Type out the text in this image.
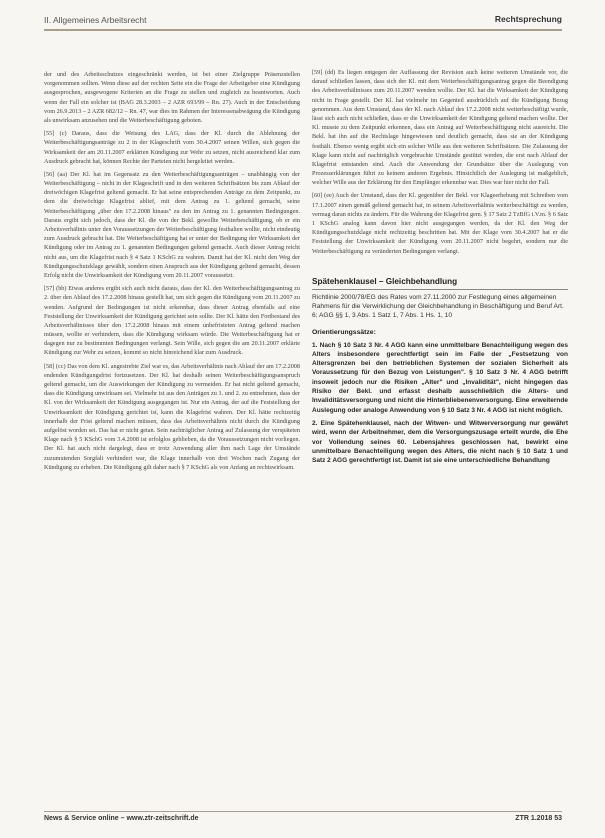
II. Allgemeines Arbeitsrecht	Rechtsprechung

der und des Arbeitsschutzes eingeschränkt werden, ist bei einer Zielgruppe Präsenzstellen vorgenommen sollten. Wenn diese auf der rechten Seite ein die Frage der Arbeitgeber eine Kündigung ausgesprochen, ausgewogene Kriterien an die Frage zu stellen und zugleich zu beantworten. Auch wenn der Fall ein solcher ist (BAG 28.3.2003 – 2 AZR 693/99 – Rn. 27). Auch in der Entscheidung vom 26.9.2013 – 2 AZR 682/12 – Rn. 47, war dies im Rahmen der Interessenabwägung die Kündigung als unwirksam anzusehen und die Weiterbeschäftigung geboten.

[55] (c) Daraus, dass die Weisung des LAG, dass der Kl. durch die Ablehnung der Weiterbeschäftigungsanträge zu 2 in der Klageschrift vom 30.4.2007 seinen Willen, sich gegen die Wirksamkeit der am 20.11.2007 erklärten Kündigung zur Wehr zu setzen, nicht ausreichend klar zum Ausdruck gebracht hat, können Rechte der Parteien nicht hergeleitet werden.

[56] (aa) Der Kl. hat im Gegensatz zu den Weiterbeschäftigungsanträgen – unabhängig von der Weiterbeschäftigung – nicht in der Klageschrift und in den weiteren Schriftsätzen bis zum Ablauf der dreiwöchigen Klagefrist geltend gemacht. Er hat seine entsprechenden Anträge zu dem Zeitpunkt, zu dem die dreiwöchige Klagefrist ablief, mit dem Antrag zu 1. geltend gemacht, seine Weiterbeschäftigung „über den 17.2.2008 hinaus" zu den im Antrag zu 1. genannten Bedingungen. Daraus ergibt sich jedoch, dass der Kl. die von der Bekl. gewollte Weiterbeschäftigung, ob er ein Arbeitsverhältnis unter den Voraussetzungen der Weiterbeschäftigung festhalten wollte, nicht eindeutig zum Ausdruck gebracht hat. Die Weiterbeschäftigung hat er unter der Bedingung der Wirksamkeit der Kündigung oder im Antrag zu 1. genannten Bedingungen geltend gemacht. Auch dieser Antrag reicht nicht aus, um die Klagefrist nach § 4 Satz 1 KSchG zu wahren. Damit hat der Kl. nicht den Weg der Kündigungsschutzklage gewählt, sondern einen Anspruch aus der Kündigung geltend gemacht, dessen Erfolg nicht die Unwirksamkeit der Kündigung vom 20.11.2007 voraussetzt.

[57] (bb) Etwas anderes ergibt sich auch nicht daraus, dass der Kl. den Weiterbeschäftigungsantrag zu 2. über den Ablauf des 17.2.2008 hinaus gestellt hat, um sich gegen die Kündigung vom 20.11.2007 zu wenden. Aufgrund der Bedingungen ist nicht erkennbar, dass dieser Antrag ebenfalls auf eine Feststellung der Unwirksamkeit der Kündigung gerichtet sein sollte. Der Kl. hätte den Fortbestand des Arbeitsverhältnisses über den 17.2.2008 hinaus mit einem unbefristeten Antrag geltend machen müssen, wollte er verhindern, dass die Kündigung wirksam würde. Die Weiterbeschäftigung hat er dagegen nur zu bestimmten Bedingungen verlangt. Sein Wille, sich gegen die am 20.11.2007 erklärte Kündigung zur Wehr zu setzen, kommt so nicht hinreichend klar zum Ausdruck.

[58] (cc) Das von dem Kl. angestrebte Ziel war es, das Arbeitsverhältnis nach Ablauf der am 17.2.2008 endenden Kündigungsfrist fortzusetzen. Der Kl. hat deshalb seinen Weiterbeschäftigungsanspruch geltend gemacht, um die Auswirkungen der Kündigung zu vermeiden. Er hat nicht geltend gemacht, dass die Kündigung unwirksam sei. Vielmehr ist aus den Anträgen zu 1. und 2. zu entnehmen, dass der Kl. von der Wirksamkeit der Kündigung ausgegangen ist. Nur ein Antrag, der auf die Feststellung der Unwirksamkeit der Kündigung gerichtet ist, kann die Klagefrist wahren. Der Kl. hätte rechtzeitig innerhalb der Frist geltend machen müssen, dass das Arbeitsverhältnis nicht durch die Kündigung aufgelöst worden sei. Das hat er nicht getan. Sein nachträglicher Antrag auf Zulassung der verspäteten Klage nach § 5 KSchG vom 3.4.2008 ist erfolglos geblieben, da die Voraussetzungen nicht vorliegen. Der Kl. hat auch nicht dargelegt, dass er trotz Anwendung aller ihm nach Lage der Umstände zuzumutenden Sorgfalt verhindert war, die Klage innerhalb von drei Wochen nach Zugang der Kündigung zu erheben. Die Kündigung gilt daher nach § 7 KSchG als von Anfang an rechtswirksam.

[59] (dd) Es liegen entgegen der Auffassung der Revision auch keine weiteren Umstände vor, die darauf schließen lassen, dass sich der Kl. mit dem Weiterbeschäftigungsantrag gegen die Beendigung des Arbeitsverhältnisses zum 20.11.2007 wenden wollte. Der Kl. hat die Wirksamkeit der Kündigung nicht in Frage gestellt. Der Kl. hat vielmehr im Gegenteil ausdrücklich auf die Kündigung Bezug genommen. Aus dem Umstand, dass der Kl. nach Ablauf des 17.2.2008 nicht weiterbeschäftigt wurde, lässt sich auch nicht schließen, dass er die Unwirksamkeit der Kündigung geltend machen wollte. Der Kl. musste zu dem Zeitpunkt erkennen, dass ein Antrag auf Weiterbeschäftigung nicht ausreicht. Die Bekl. hat ihn auf die Rechtslage hingewiesen und deutlich gemacht, dass sie an der Kündigung festhält. Ebenso wenig ergibt sich ein solcher Wille aus den weiteren Schriftsätzen. Die Zulassung der Klage kann nicht auf nachträglich vorgebrachte Umstände gestützt werden, die erst nach Ablauf der Klagefrist entstanden sind. Auch die Anwendung der Grundsätze über die Auslegung von Prozesserklärungen führt zu keinem anderen Ergebnis. Hinsichtlich der Auslegung ist maßgeblich, welcher Wille aus der Erklärung für den Empfänger erkennbar war. Dies war hier nicht der Fall.

[60] (ee) Auch der Umstand, dass der Kl. gegenüber der Bekl. vor Klageerhebung mit Schreiben vom 17.1.2007 einen gemäß geltend gemacht hat, in seinem Arbeitsverhältnis weiterbeschäftigt zu werden, vermag daran nichts zu ändern. Für die Wahrung der Klagefrist gem. § 17 Satz 2 TzBfG i.V.m. § 6 Satz 1 KSchG analog kann davon hier nicht ausgegangen werden, da der Kl. den Weg der Kündigungsschutzklage nicht rechtzeitig beschritten hat. Mit der Klage vom 30.4.2007 hat er die Feststellung der Unwirksamkeit der Kündigung vom 20.11.2007 nicht begehrt, sondern nur die Weiterbeschäftigung zu veränderten Bedingungen verlangt.

Spätehenklausel – Gleichbehandlung
Richtlinie 2000/78/EG des Rates vom 27.11.2000 zur Festlegung eines allgemeinen Rahmens für die Verwirklichung der Gleichbehandlung in Beschäftigung und Beruf Art. 6; AGG §§ 1, 3 Abs. 1 Satz 1, 7 Abs. 1 Hs. 1, 10
Orientierungssätze:

1. Nach § 10 Satz 3 Nr. 4 AGG kann eine unmittelbare Benachteiligung wegen des Alters insbesondere gerechtfertigt sein im Falle der „Festsetzung von Altersgrenzen bei den betrieblichen Systemen der sozialen Sicherheit als Voraussetzung für den Bezug von Leistungen". § 10 Satz 3 Nr. 4 AGG betrifft insoweit jedoch nur die Risiken „Alter" und „Invalidität", nicht hingegen das Risiko der Bekl. und erfasst deshalb ausschließlich die Alters- und Invaliditätsversorgung und nicht die Hinterbliebenenversorgung. Eine erweiternde Auslegung oder analoge Anwendung von § 10 Satz 3 Nr. 4 AGG ist nicht möglich.

2. Eine Spätehenklausel, nach der Witwen- und Witwerversorgung nur gewährt wird, wenn der Arbeitnehmer, dem die Versorgungszusage erteilt wurde, die Ehe vor Vollendung seines 60. Lebensjahres geschlossen hat, bewirkt eine unmittelbare Benachteiligung wegen des Alters, die nicht nach § 10 Satz 1 und Satz 2 AGG gerechtfertigt ist. Damit ist sie eine unterschiedliche Behandlung

News & Service online – www.ztr-zeitschrift.de	ZTR 1.2018 53
